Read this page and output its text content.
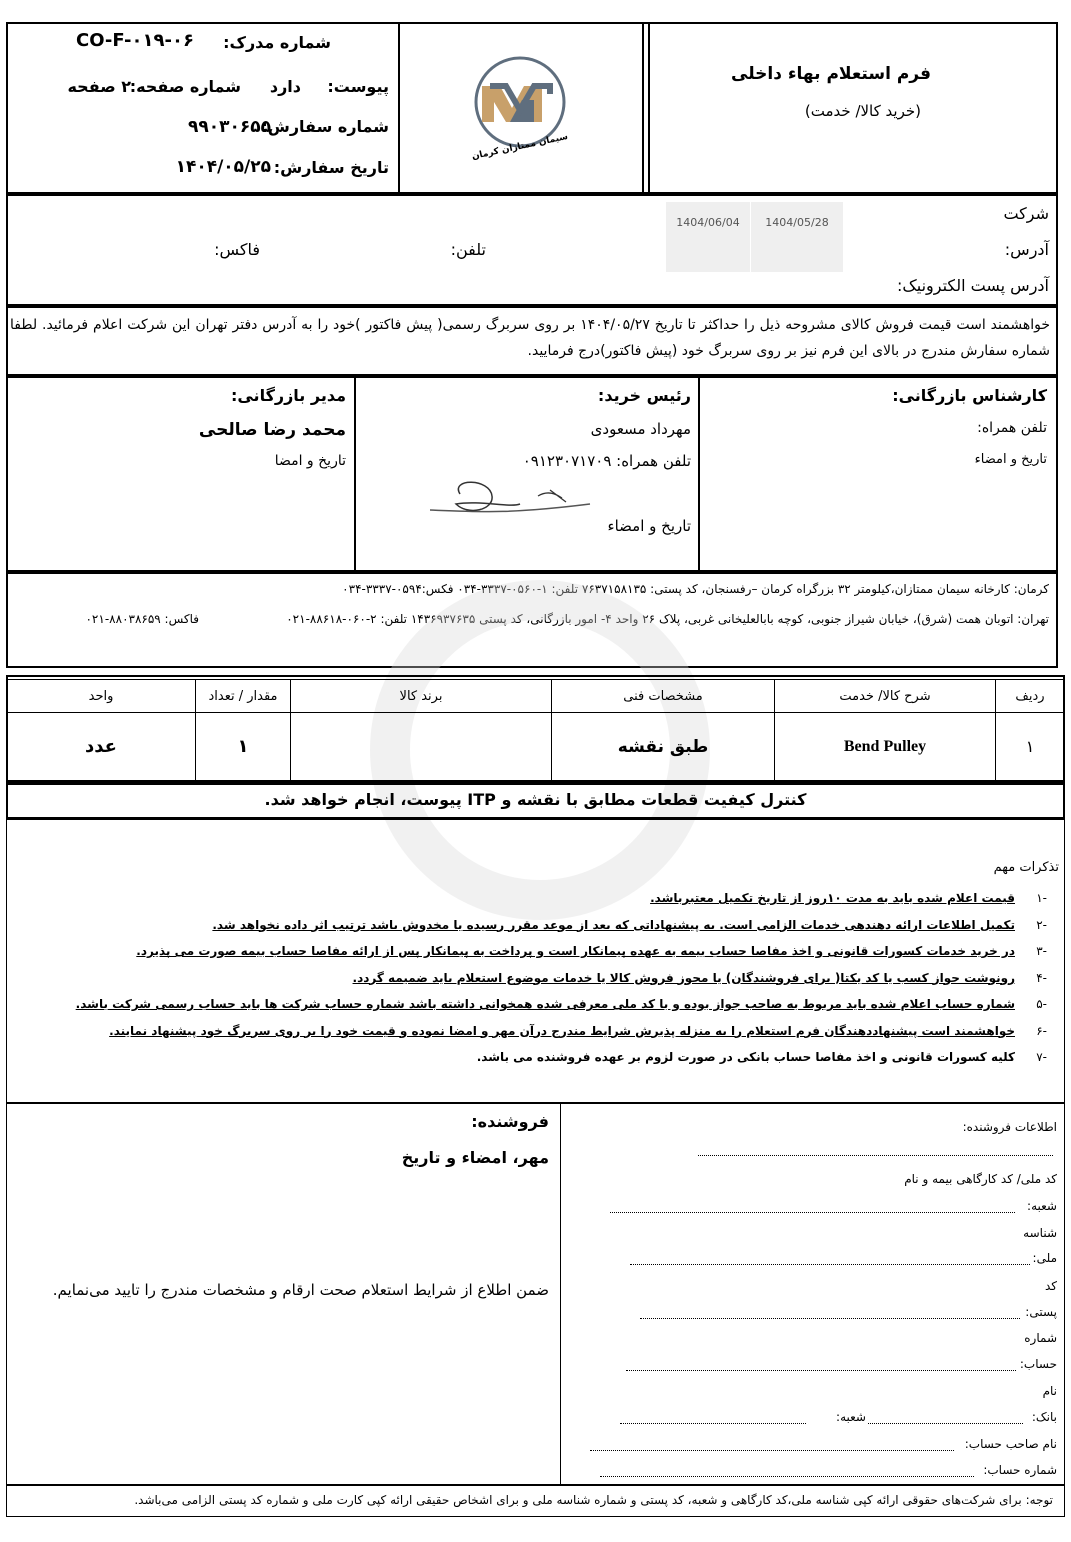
فرم استعلام بهاء داخلی
(خرید کالا/ خدمت)
سیمان ممتازان کرمان
شماره مدرک:
CO-F-۰۱۹-۰۶
پیوست:
دارد
شماره صفحه:
۲ صفحه
شماره سفارش:
۹۹۰۳۰۶۵۵
تاریخ سفارش:
۱۴۰۴/۰۵/۲۵
شرکت
آدرس:
تلفن:
فاکس:
آدرس پست الکترونیک:
1404/05/28
1404/06/04
خواهشمند است قیمت فروش کالای مشروحه ذیل را حداکثر تا تاریخ ۱۴۰۴/۰۵/۲۷ بر روی سربرگ رسمی( پیش فاکتور )خود را به آدرس دفتر تهران این شرکت اعلام فرمائید. لطفا شماره سفارش مندرج در بالای این فرم نیز بر روی سربرگ خود (پیش فاکتور)درج فرمایید.
کارشناس بازرگانی:
تلفن همراه:
تاریخ و امضاء
رئیس خرید:
مهرداد مسعودی
تلفن همراه: ۰۹۱۲۳۰۷۱۷۰۹
تاریخ و امضاء
مدیر بازرگانی:
محمد رضا صالحی
تاریخ و امضا
کرمان: کارخانه سیمان ممتازان،کیلومتر ۳۲ بزرگراه کرمان –رفسنجان، کد پستی: ۷۶۳۷۱۵۸۱۳۵ تلفن: ۱-۰۵۶۰-۳۳۳۷-۰۳۴ فکس:۰۵۹۴-۳۳۳۷-۰۳۴
تهران: اتوبان همت (شرق)، خیابان شیراز جنوبی، کوچه بابالعلیخانی غربی، پلاک ۲۶ واحد ۴- امور بازرگانی، کد پستی ۱۴۳۶۹۳۷۶۳۵ تلفن: ۲-۰۶۰-۸۸۶۱۸-۰۲۱
فاکس: ۸۸۰۳۸۶۵۹-۰۲۱
ردیف	شرح کالا/ خدمت	مشخصات فنی	برند کالا	مقدار / تعداد	واحد
۱	Bend Pulley	طبق نقشه		۱	عدد
کنترل کیفیت قطعات مطابق با نقشه و ITP پیوست، انجام خواهد شد.
تذکرات مهم
-۱قیمت اعلام شده باید به مدت ۱۰روز از تاریخ تکمیل معتبرباشد.
-۲تکمیل اطلاعات ارائه دهندهی خدمات الزامی است. به پیشنهاداتی که بعد از موعد مقرر رسیده یا مخدوش باشد ترتیب اثر داده نخواهد شد.
-۳در خرید خدمات کسورات قانونی و اخذ مفاصا حساب بیمه به عهده پیمانکار است و پرداخت به پیمانکار پس از ارائه مفاصا حساب بیمه صورت می پذیرد.
-۴رونوشت جواز کسب یا کد یکتا( برای فروشندگان) یا مجوز فروش کالا یا خدمات موضوع استعلام باید ضمیمه گردد.
-۵شماره حساب اعلام شده باید مربوط به صاحب جواز بوده و با کد ملی معرفی شده همخوانی داشته باشد شماره حساب شرکت ها باید حساب رسمی شرکت باشد.
-۶خواهشمند است پیشنهاددهندگان فرم استعلام را به منزله پذیرش شرایط مندرج درآن مهر و امضا نموده و قیمت خود را بر روی سربرگ خود پیشنهاد نمایند.
-۷کلیه کسورات قانونی و اخذ مفاصا حساب بانکی در صورت لزوم بر عهده فروشنده می باشد.
فروشنده:
مهر، امضاء و تاریخ
ضمن اطلاع از شرایط استعلام صحت ارقام و مشخصات مندرج را تایید می‌نمایم.
اطلاعات فروشنده:
کد ملی/ کد کارگاهی بیمه و نام
شعبه:
شناسه
ملی:
کد
پستی:
شماره
حساب:
نام
بانک:
شعبه:
نام صاحب حساب:
شماره حساب:
توجه: برای شرکت‌های حقوقی ارائه کپی شناسه ملی،کد کارگاهی و شعبه، کد پستی و شماره شناسه ملی و برای اشخاص حقیقی ارائه کپی کارت ملی و شماره کد پستی الزامی می‌باشد.
